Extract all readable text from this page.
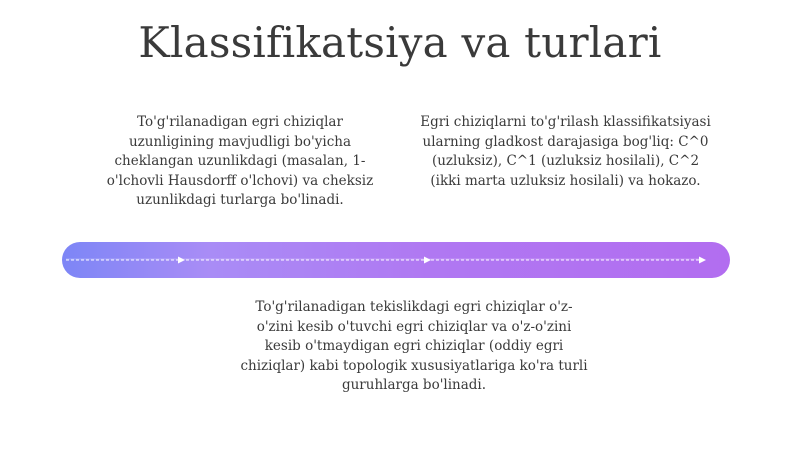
Klassifikatsiya va turlari
To'g'rilanadigan egri chiziqlar uzunligining mavjudligi bo'yicha cheklangan uzunlikdagi (masalan, 1-o'lchovli Hausdorff o'lchovi) va cheksiz uzunlikdagi turlarga bo'linadi.
Egri chiziqlarni to'g'rilash klassifikatsiyasi ularning gladkost darajasiga bog'liq: C^0 (uzluksiz), C^1 (uzluksiz hosilali), C^2 (ikki marta uzluksiz hosilali) va hokazo.
To'g'rilanadigan tekislikdagi egri chiziqlar o'z-o'zini kesib o'tuvchi egri chiziqlar va o'z-o'zini kesib o'tmaydigan egri chiziqlar (oddiy egri chiziqlar) kabi topologik xususiyatlariga ko'ra turli guruhlarga bo'linadi.
